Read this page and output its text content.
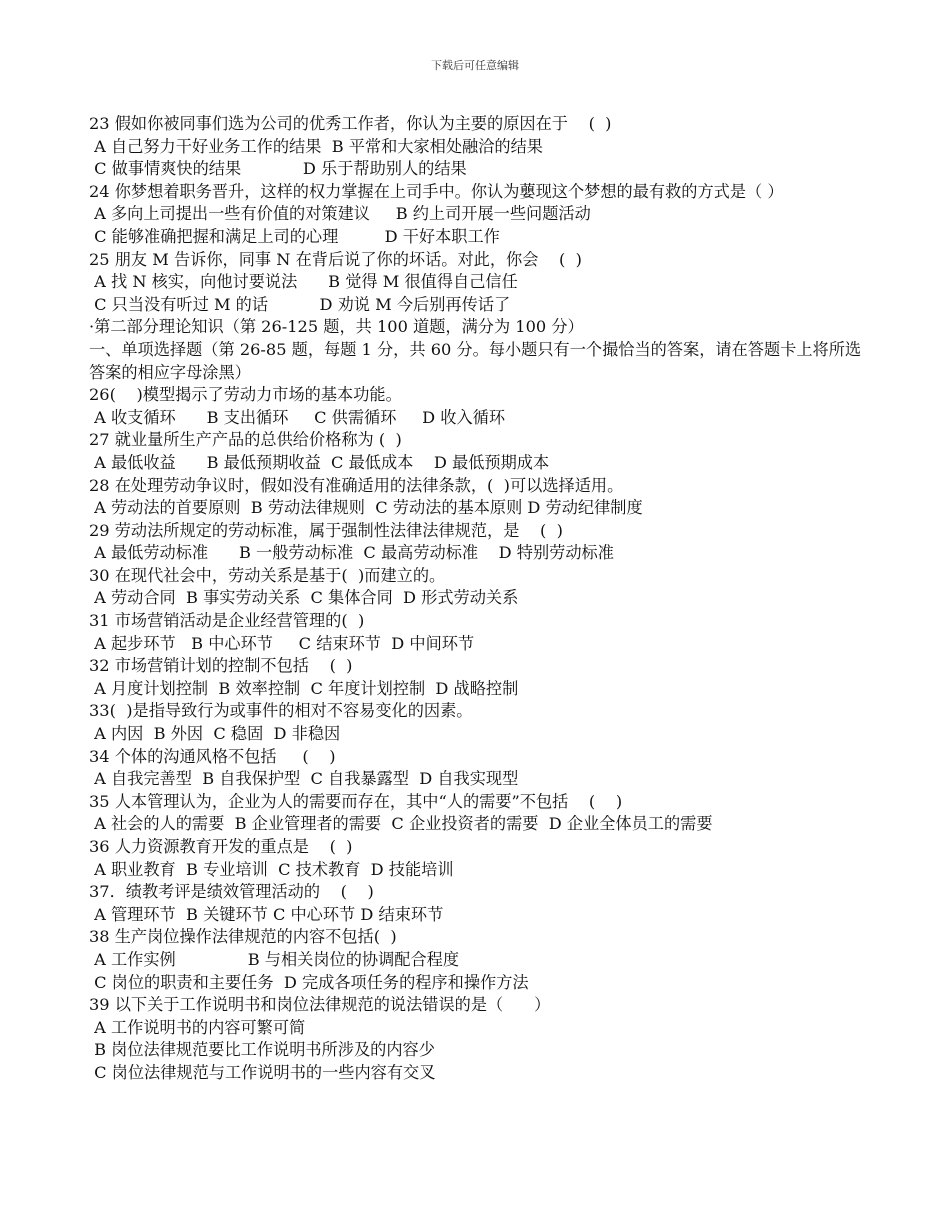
下载后可任意编辑
23 假如你被同事们选为公司的优秀工作者，你认为主要的原因在于    (  )
A 自己努力干好业务工作的结果  B 平常和大家相处融洽的结果
C 做事情爽快的结果            D 乐于帮助别人的结果
24 你梦想着职务晋升，这样的权力掌握在上司手中。你认为蘡现这个梦想的最有救的方式是（ ）
A 多向上司提出一些有价值的对策建议     B 约上司开展一些问题活动
C 能够准确把握和满足上司的心理         D 干好本职工作
25 朋友 M 告诉你，同事 N 在背后说了你的坏话。对此，你会    (  )
A 找 N 核实，向他讨要说法      B 觉得 M 很值得自己信任
C 只当没有听过 M 的话          D 劝说 M 今后别再传话了
·第二部分理论知识（第 26-125 题，共 100 道题，满分为 100 分）
一、单项选择题（第 26-85 题，每题 1 分，共 60 分。每小题只有一个撮恰当的答案，请在答题卡上将所选答案的相应字母涂黑）
26(    )模型揭示了劳动力市场的基本功能。
A 收支循环      B 支出循环     C 供需循环     D 收入循环
27 就业量所生产产品的总供给价格称为 (  )
A 最低收益      B 最低预期收益  C 最低成本    D 最低预期成本
28 在处理劳动争议时，假如没有准确适用的法律条款，(  )可以选择适用。
A 劳动法的首要原则  B 劳动法律规则  C 劳动法的基本原则 D 劳动纪律制度
29 劳动法所规定的劳动标准，属于强制性法律法律规范，是    (  )
A 最低劳动标准      B 一般劳动标准  C 最高劳动标准    D 特别劳动标准
30 在现代社会中，劳动关系是基于(  )而建立的。
A 劳动合同  B 事实劳动关系  C 集体合同  D 形式劳动关系
31 市场营销活动是企业经营管理的(  )
A 起步环节   B 中心环节     C 结束环节  D 中间环节
32 市场营销计划的控制不包括    (  )
A 月度计划控制  B 效率控制  C 年度计划控制  D 战略控制
33(  )是指导致行为或事件的相对不容易变化的因素。
A 内因  B 外因  C 稳固  D 非稳因
34 个体的沟通风格不包括     (    )
A 自我完善型  B 自我保护型  C 自我暴露型  D 自我实现型
35 人本管理认为，企业为人的需要而存在，其中“人的需要”不包括    (    )
A 社会的人的需要  B 企业管理者的需要  C 企业投资者的需要  D 企业全体员工的需要
36 人力资源教育开发的重点是    (  )
A 职业教育  B 专业培训  C 技术教育  D 技能培训
37．绩教考评是绩效管理活动的    (    )
A 管理环节  B 关键环节 C 中心环节 D 结束环节
38 生产岗位操作法律规范的内容不包括(  )
A 工作实例              B 与相关岗位的协调配合程度
C 岗位的职责和主要任务  D 完成各项任务的程序和操作方法
39 以下关于工作说明书和岗位法律规范的说法错误的是（      ）
A 工作说明书的内容可繁可简
B 岗位法律规范要比工作说明书所涉及的内容少
C 岗位法律规范与工作说明书的一些内容有交叉
